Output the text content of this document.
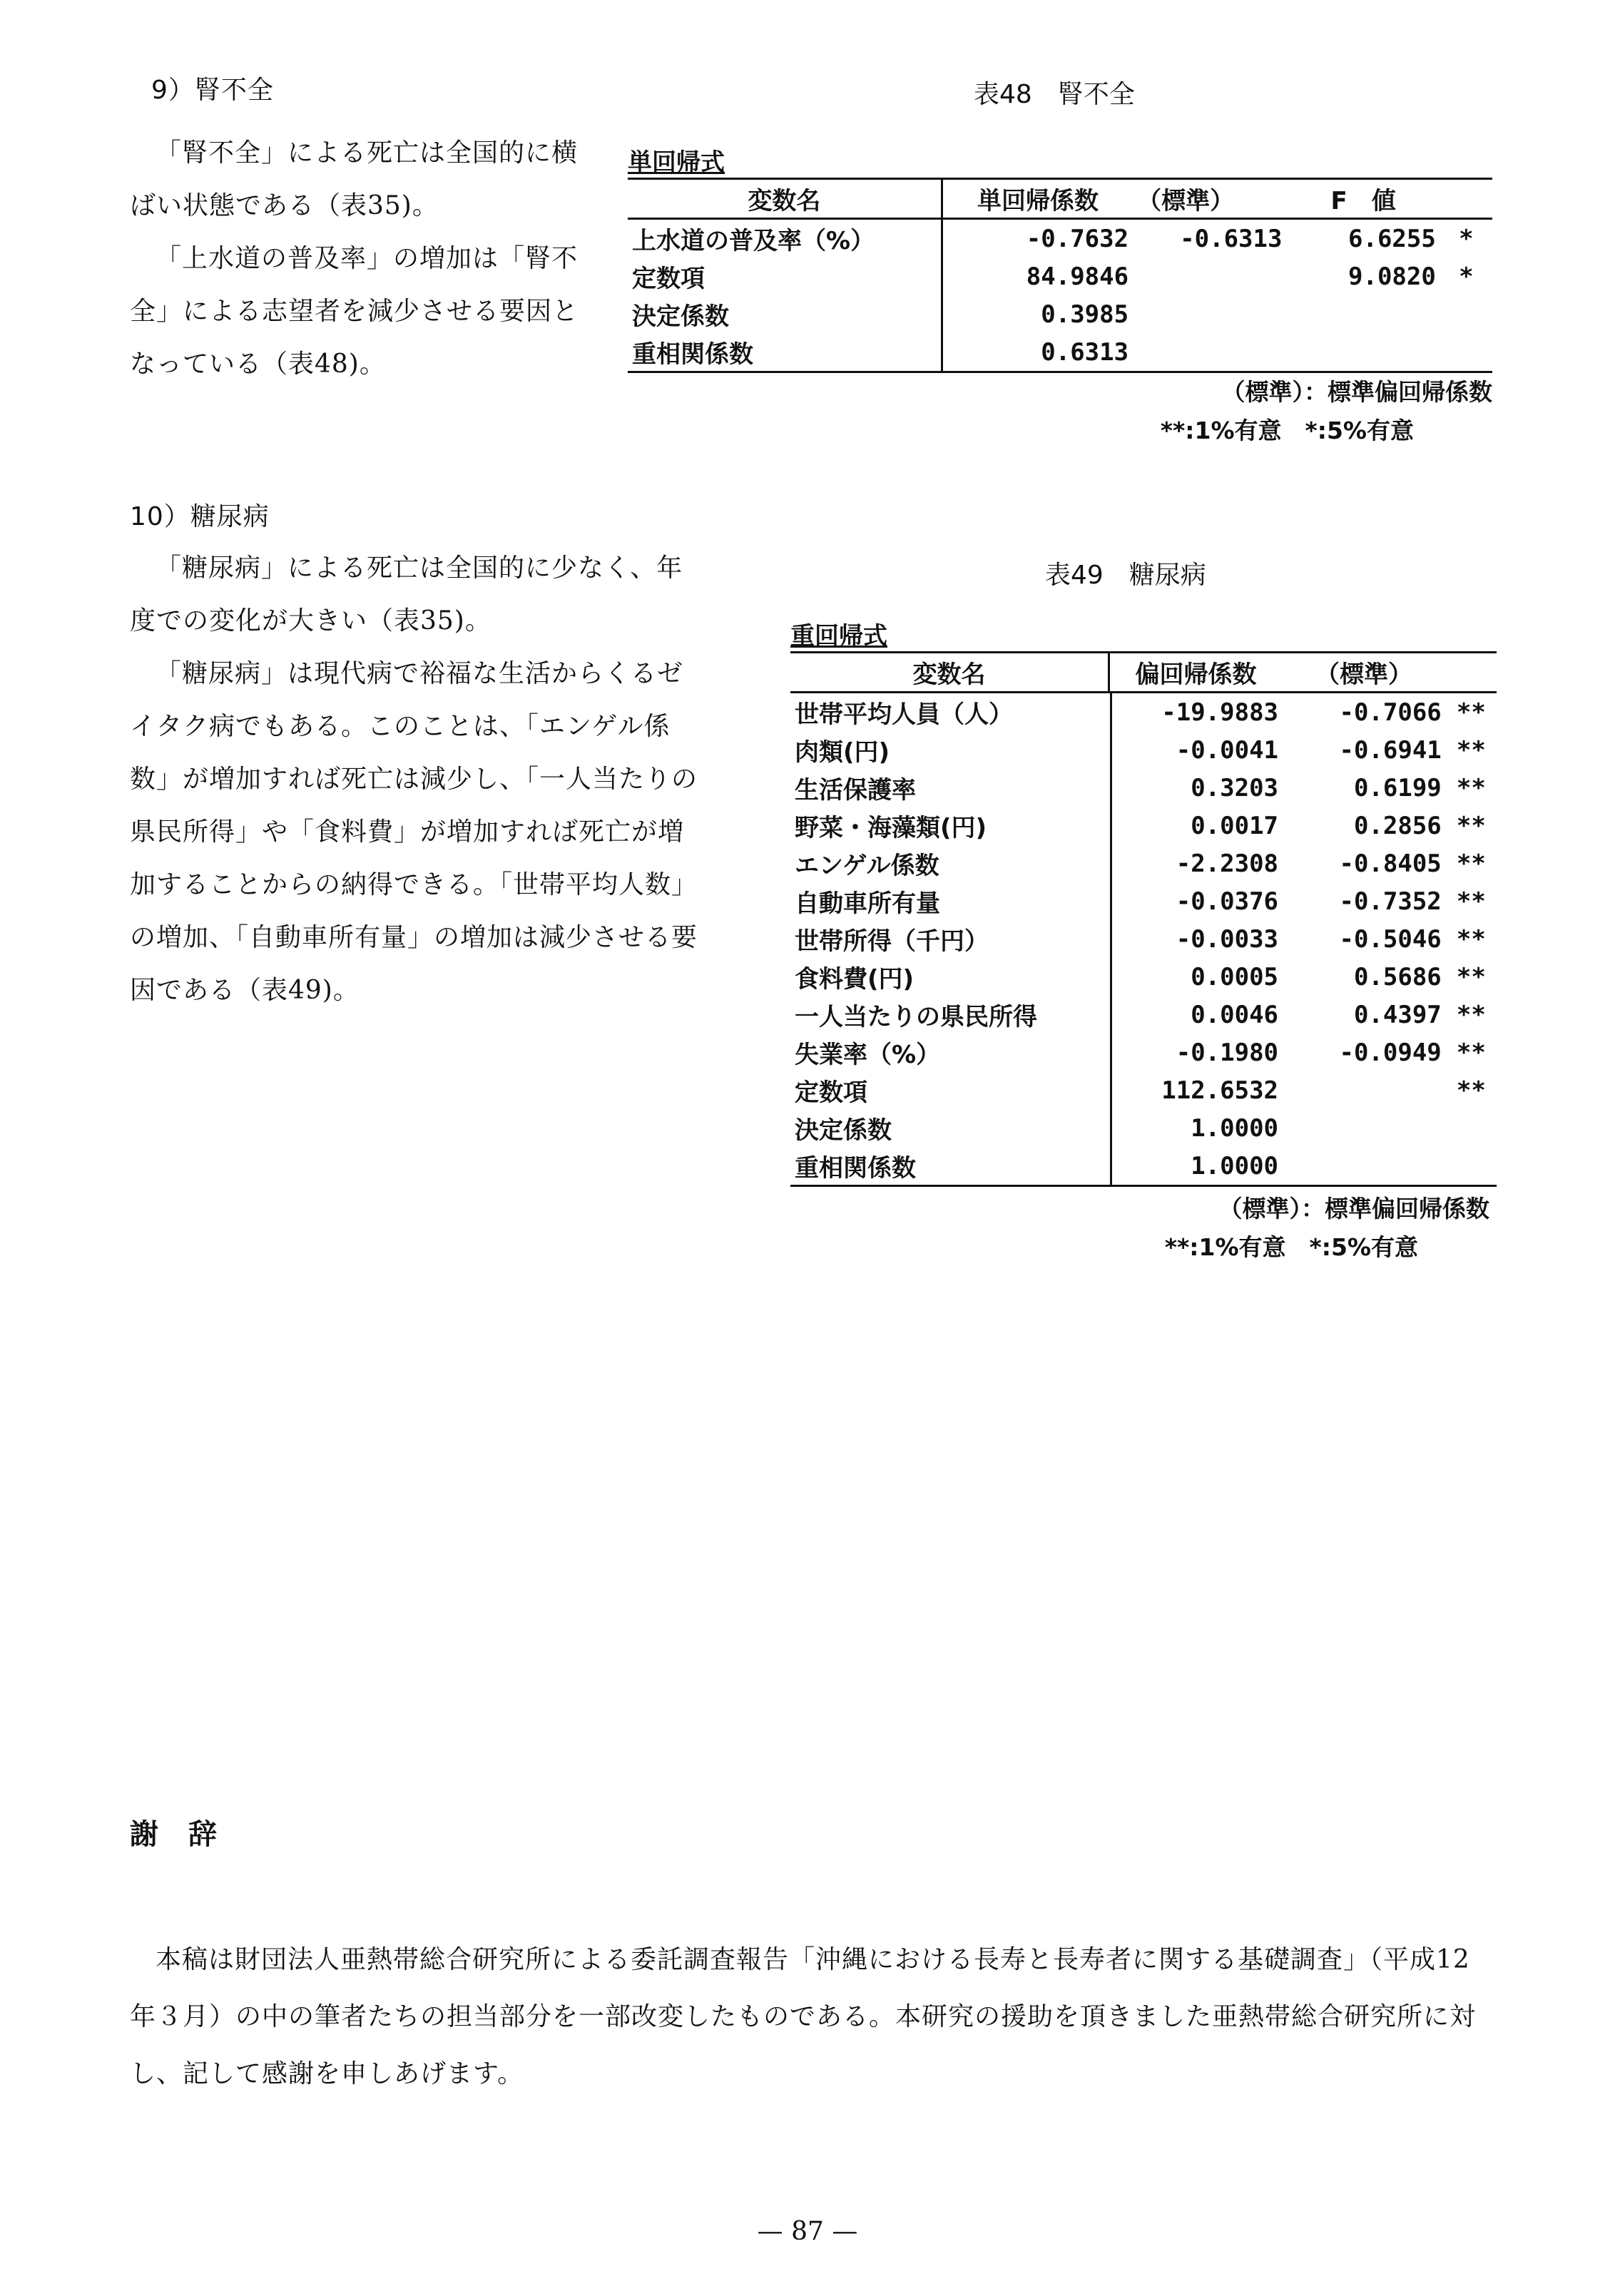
9）腎不全

「腎不全」による死亡は全国的に横ばい状態である（表35)。

「上水道の普及率」の増加は「腎不全」による志望者を減少させる要因となっている（表48)。

表48　腎不全
単回帰式
変数名	単回帰係数	（標準）	F　値	
上水道の普及率（%）	-0.7632	-0.6313	6.6255	*
定数項	84.9846		9.0820	*
決定係数	0.3985			
重相関係数	0.6313			
（標準）：標準偏回帰係数
**:1%有意　*:5%有意
10）糖尿病

「糖尿病」による死亡は全国的に少なく、年度での変化が大きい（表35)。

「糖尿病」は現代病で裕福な生活からくるゼイタク病でもある。このことは、「エンゲル係数」が増加すれば死亡は減少し、「一人当たりの県民所得」や「食料費」が増加すれば死亡が増加することからの納得できる。「世帯平均人数」の増加、「自動車所有量」の増加は減少させる要因である（表49)。

表49　糖尿病
重回帰式
変数名	偏回帰係数	（標準）	
世帯平均人員（人）	-19.9883	-0.7066	**
肉類(円)	-0.0041	-0.6941	**
生活保護率	0.3203	0.6199	**
野菜・海藻類(円)	0.0017	0.2856	**
エンゲル係数	-2.2308	-0.8405	**
自動車所有量	-0.0376	-0.7352	**
世帯所得（千円）	-0.0033	-0.5046	**
食料費(円)	0.0005	0.5686	**
一人当たりの県民所得	0.0046	0.4397	**
失業率（%）	-0.1980	-0.0949	**
定数項	112.6532		**
決定係数	1.0000		
重相関係数	1.0000		
（標準）：標準偏回帰係数
**:1%有意　*:5%有意
謝　辞

本稿は財団法人亜熱帯総合研究所による委託調査報告「沖縄における長寿と長寿者に関する基礎調査」（平成12年３月）の中の筆者たちの担当部分を一部改変したものである。本研究の援助を頂きました亜熱帯総合研究所に対し、記して感謝を申しあげます。

— 87 —
